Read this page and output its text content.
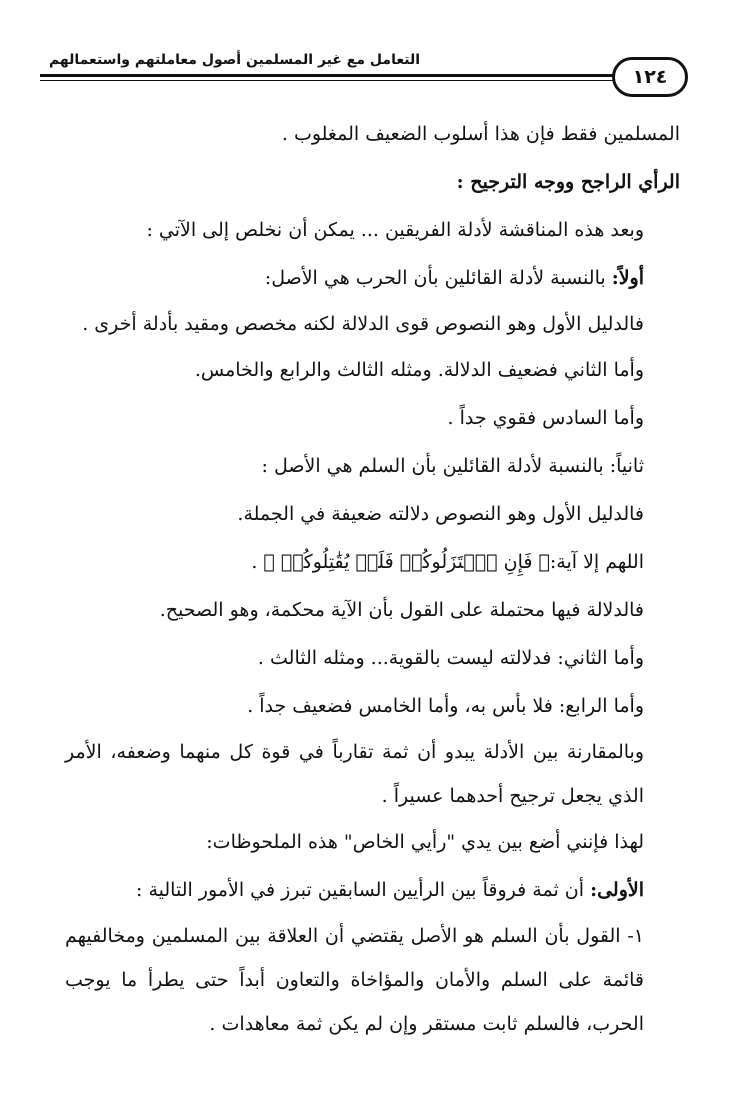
١٢٤
التعامل مع غير المسلمين أصول معاملتهم واستعمالهم

المسلمين فقط فإن هذا أسلوب الضعيف المغلوب .

الرأي الراجح ووجه الترجيح :

وبعد هذه المناقشة لأدلة الفريقين ... يمكن أن نخلص إلى الآتي :

أولاً: بالنسبة لأدلة القائلين بأن الحرب هي الأصل:

فالدليل الأول وهو النصوص قوى الدلالة لكنه مخصص ومقيد بأدلة أخرى .

وأما الثاني فضعيف الدلالة. ومثله الثالث والرابع والخامس.

وأما السادس فقوي جداً .

ثانياً: بالنسبة لأدلة القائلين بأن السلم هي الأصل :

فالدليل الأول وهو النصوص دلالته ضعيفة في الجملة.

اللهم إلا آية:﴿ فَإِنِ ٱعۡتَزَلُوكُمۡ فَلَمۡ يُقَٰتِلُوكُمۡ ﴾ .

فالدلالة فيها محتملة على القول بأن الآية محكمة، وهو الصحيح.

وأما الثاني: فدلالته ليست بالقوية... ومثله الثالث .

وأما الرابع: فلا بأس به، وأما الخامس فضعيف جداً .

وبالمقارنة بين الأدلة يبدو أن ثمة تقارباً في قوة كل منهما وضعفه، الأمر الذي يجعل ترجيح أحدهما عسيراً .

لهذا فإنني أضع بين يدي "رأيي الخاص" هذه الملحوظات:

الأولى: أن ثمة فروقاً بين الرأيين السابقين تبرز في الأمور التالية :

١- القول بأن السلم هو الأصل يقتضي أن العلاقة بين المسلمين ومخالفيهم قائمة على السلم والأمان والمؤاخاة والتعاون أبداً حتى يطرأ ما يوجب الحرب، فالسلم ثابت مستقر وإن لم يكن ثمة معاهدات .
